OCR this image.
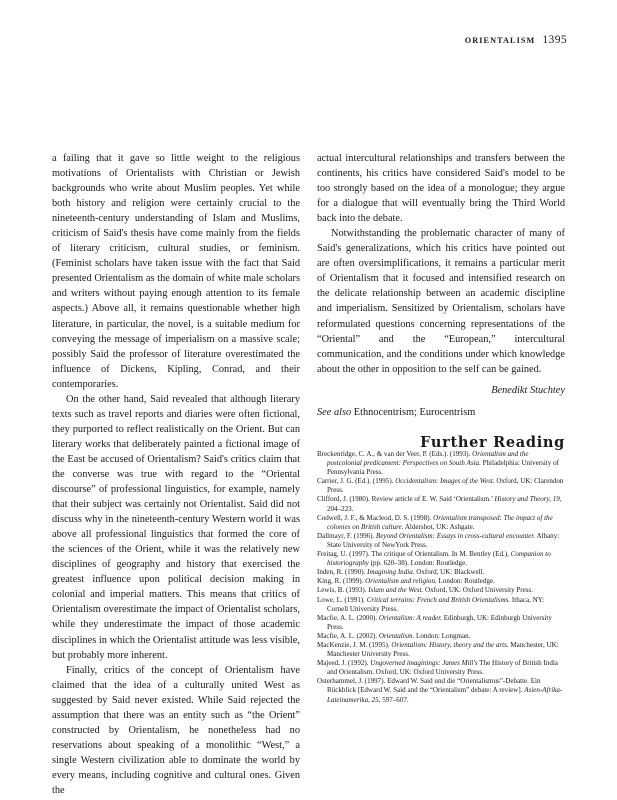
ORIENTALISM 1395

a failing that it gave so little weight to the religious motivations of Orientalists with Christian or Jewish backgrounds who write about Muslim peoples. Yet while both history and religion were certainly crucial to the nineteenth-century understanding of Islam and Muslims, criticism of Said's thesis have come mainly from the fields of literary criticism, cultural studies, or feminism. (Feminist scholars have taken issue with the fact that Said presented Orientalism as the domain of white male scholars and writers without paying enough attention to its female aspects.) Above all, it remains questionable whether high literature, in particular, the novel, is a suitable medium for conveying the message of imperialism on a massive scale; possibly Said the professor of literature overestimated the influence of Dickens, Kipling, Conrad, and their contemporaries.

On the other hand, Said revealed that although literary texts such as travel reports and diaries were often fictional, they purported to reflect realistically on the Orient. But can literary works that deliberately painted a fictional image of the East be accused of Orientalism? Said's critics claim that the converse was true with regard to the “Oriental discourse” of professional linguistics, for example, namely that their subject was certainly not Orientalist. Said did not discuss why in the nineteenth-century Western world it was above all professional linguistics that formed the core of the sciences of the Orient, while it was the relatively new disciplines of geography and history that exercised the greatest influence upon political decision making in colonial and imperial matters. This means that critics of Orientalism overestimate the impact of Orientalist scholars, while they underestimate the impact of those academic disciplines in which the Orientalist attitude was less visible, but probably more inherent.

Finally, critics of the concept of Orientalism have claimed that the idea of a culturally united West as suggested by Said never existed. While Said rejected the assumption that there was an entity such as “the Orient” constructed by Orientalism, he nonetheless had no reservations about speaking of a monolithic “West,” a single Western civilization able to dominate the world by every means, including cognitive and cultural ones. Given the

actual intercultural relationships and transfers between the continents, his critics have considered Said's model to be too strongly based on the idea of a monologue; they argue for a dialogue that will eventually bring the Third World back into the debate.

Notwithstanding the problematic character of many of Said's generalizations, which his critics have pointed out are often oversimplifications, it remains a particular merit of Orientalism that it focused and intensified research on the delicate relationship between an academic discipline and imperialism. Sensitized by Orientalism, scholars have reformulated questions concerning representations of the “Oriental” and the “European,” intercultural communication, and the conditions under which knowledge about the other in opposition to the self can be gained.

Benedikt Stuchtey

See also Ethnocentrism; Eurocentrism

Further Reading
Breckenridge, C. A., & van der Veer, P. (Eds.). (1993). Orientalism and the postcolonial predicament: Perspectives on South Asia. Philadelphia: University of Pennsylvania Press.
Carrier, J. G. (Ed.). (1995). Occidentalism: Images of the West. Oxford, UK: Clarendon Press.
Clifford, J. (1980). Review article of E. W. Said ‘Orientalism.’ History and Theory, 19, 204–223.
Codwell, J. F., & Macleod, D. S. (1998). Orientalism transposed: The impact of the colonies on British culture. Aldershot, UK: Ashgate.
Dallmayr, F. (1996). Beyond Orientalism: Essays in cross-cultural encounter. Albany: State University of NewYork Press.
Freitag, U. (1997). The critique of Orientalism. In M. Bentley (Ed.), Companion to historiography (pp. 620–38). London: Routledge.
Inden, R. (1990). Imagining India. Oxford, UK: Blackwell.
King, R. (1999). Orientalism and religion. London: Routledge.
Lewis, B. (1993). Islam and the West. Oxford, UK: Oxford University Press.
Lowe, L. (1991). Critical terrains: French and British Orientalisms. Ithaca, NY: Cornell University Press.
Macfie, A. L. (2000). Orientalism: A reader. Edinburgh, UK: Edinburgh University Press.
Macfie, A. L. (2002). Orientalism. London: Longman.
MacKenzie, J. M. (1995). Orientalism: History, theory and the arts. Manchester, UK: Manchester University Press.
Majeed, J. (1992). Ungoverned imaginings: James Mill's The History of British India and Orientalism. Oxford, UK: Oxford University Press.
Osterhammel, J. (1997). Edward W. Said und die “Orientalismus”-Debatte. Ein Rückblick [Edward W. Said and the “Orientalism” debate: A review]. Asien-Afrika-Lateinamerika, 25, 597–607.
